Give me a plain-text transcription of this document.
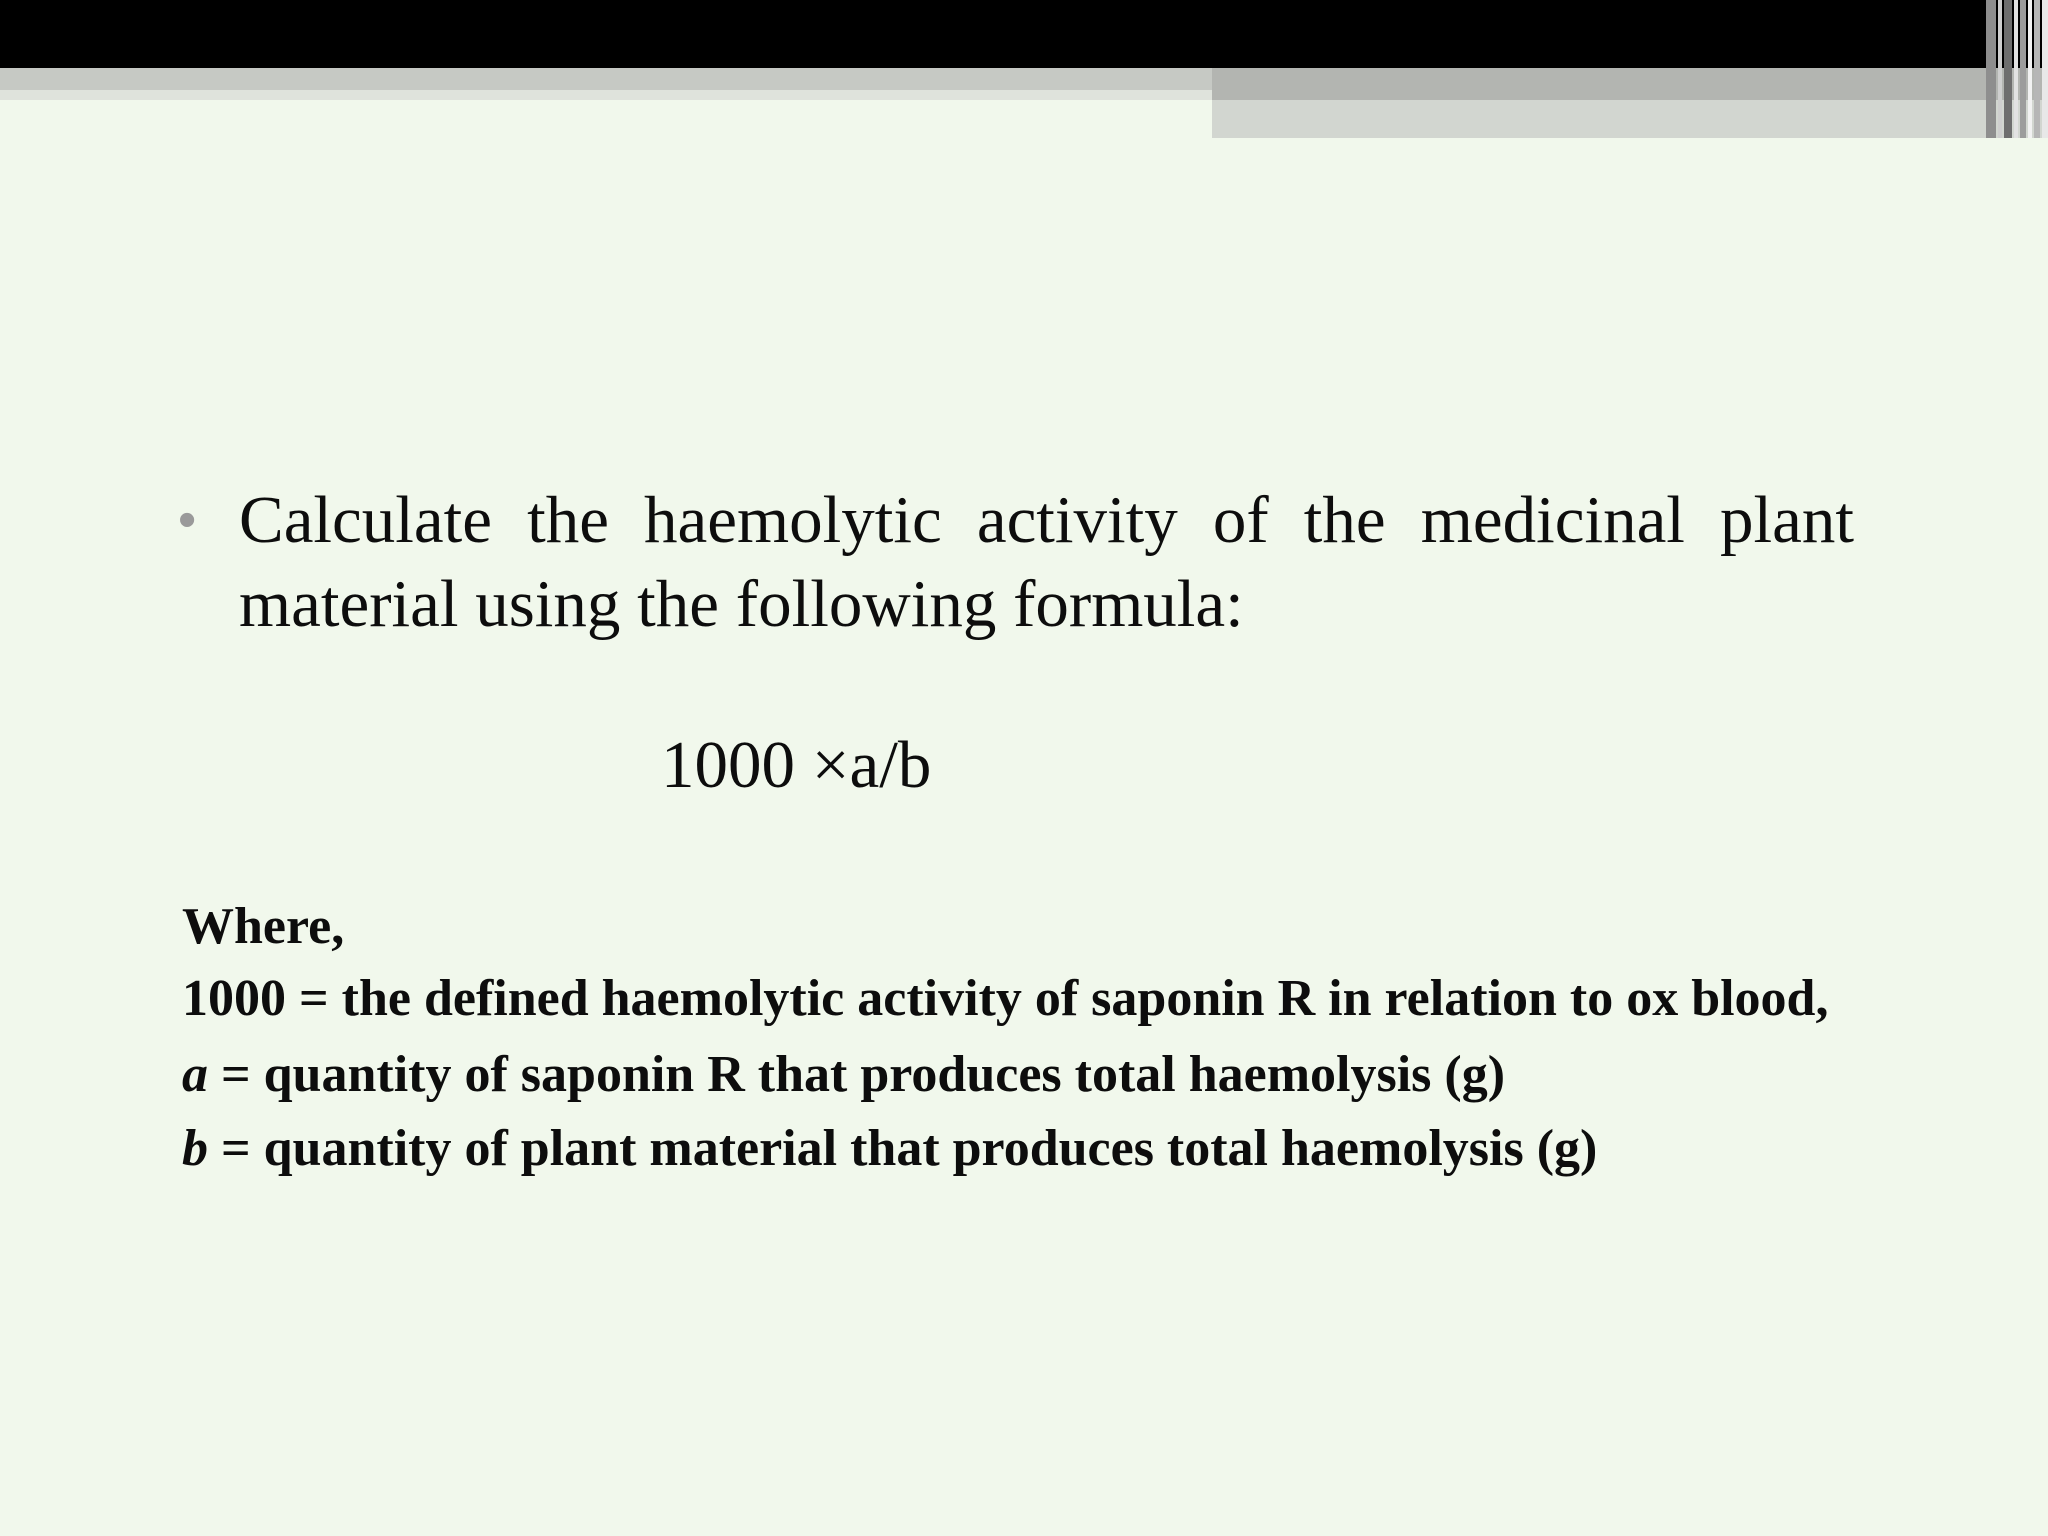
• Calculate the haemolytic activity of the medicinal plant material using the following formula:
1000 ×a/b

Where,

1000 = the defined haemolytic activity of saponin R in relation to ox blood,

a = quantity of saponin R that produces total haemolysis (g)

b = quantity of plant material that produces total haemolysis (g)
